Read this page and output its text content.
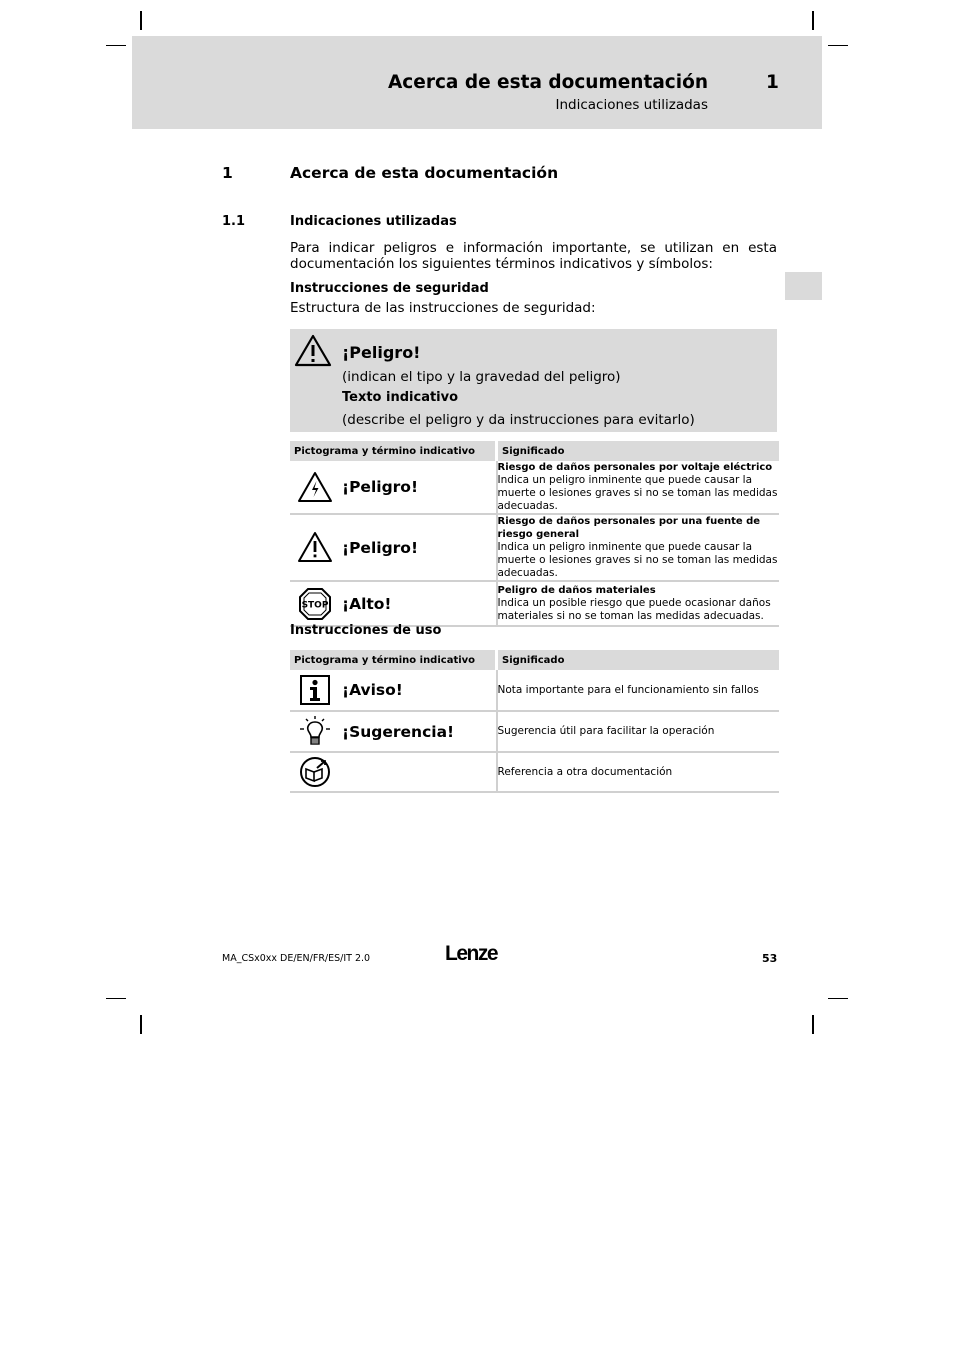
Acerca de esta documentación	1
Indicaciones utilizadas
1	Acerca de esta documentación
1.1	Indicaciones utilizadas
Para indicar peligros e información importante, se utilizan en esta documentación los siguientes términos indicativos y símbolos:
Instrucciones de seguridad
Estructura de las instrucciones de seguridad:
¡Peligro!
(indican el tipo y la gravedad del peligro)
Texto indicativo
(describe el peligro y da instrucciones para evitarlo)
Pictograma y término indicativo	Significado

¡Peligro!	Riesgo de daños personales por voltaje eléctrico
Indica un peligro inminente que puede causar la muerte o lesiones graves si no se toman las medidas adecuadas.

¡Peligro!	Riesgo de daños personales por una fuente de riesgo general
Indica un peligro inminente que puede causar la muerte o lesiones graves si no se toman las medidas adecuadas.

STOP ¡Alto!	Peligro de daños materiales
Indica un posible riesgo que puede ocasionar daños materiales si no se toman las medidas adecuadas.
Instrucciones de uso
Pictograma y término indicativo	Significado

¡Aviso!	Nota importante para el funcionamiento sin fallos

¡Sugerencia!	Sugerencia útil para facilitar la operación

	Referencia a otra documentación
MA_CSx0xx DE/EN/FR/ES/IT 2.0	Lenze	53
